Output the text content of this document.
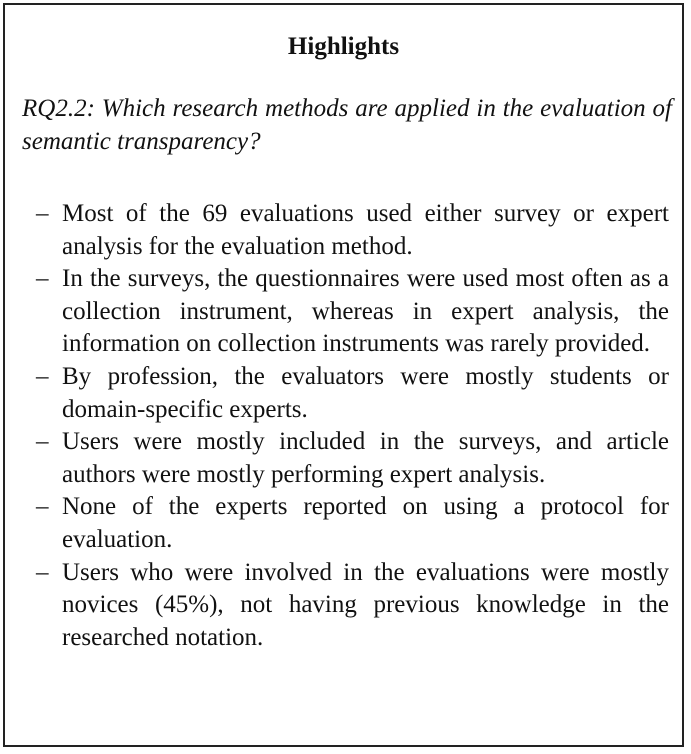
Highlights

RQ2.2: Which research methods are applied in the evaluation of semantic transparency?

– Most of the 69 evaluations used either survey or expert analysis for the evaluation method.
– In the surveys, the questionnaires were used most often as a collection instrument, whereas in expert analysis, the information on collection instruments was rarely provided.
– By profession, the evaluators were mostly students or domain-specific experts.
– Users were mostly included in the surveys, and article authors were mostly performing expert analysis.
– None of the experts reported on using a protocol for evaluation.
– Users who were involved in the evaluations were mostly novices (45%), not having previous knowledge in the researched notation.
